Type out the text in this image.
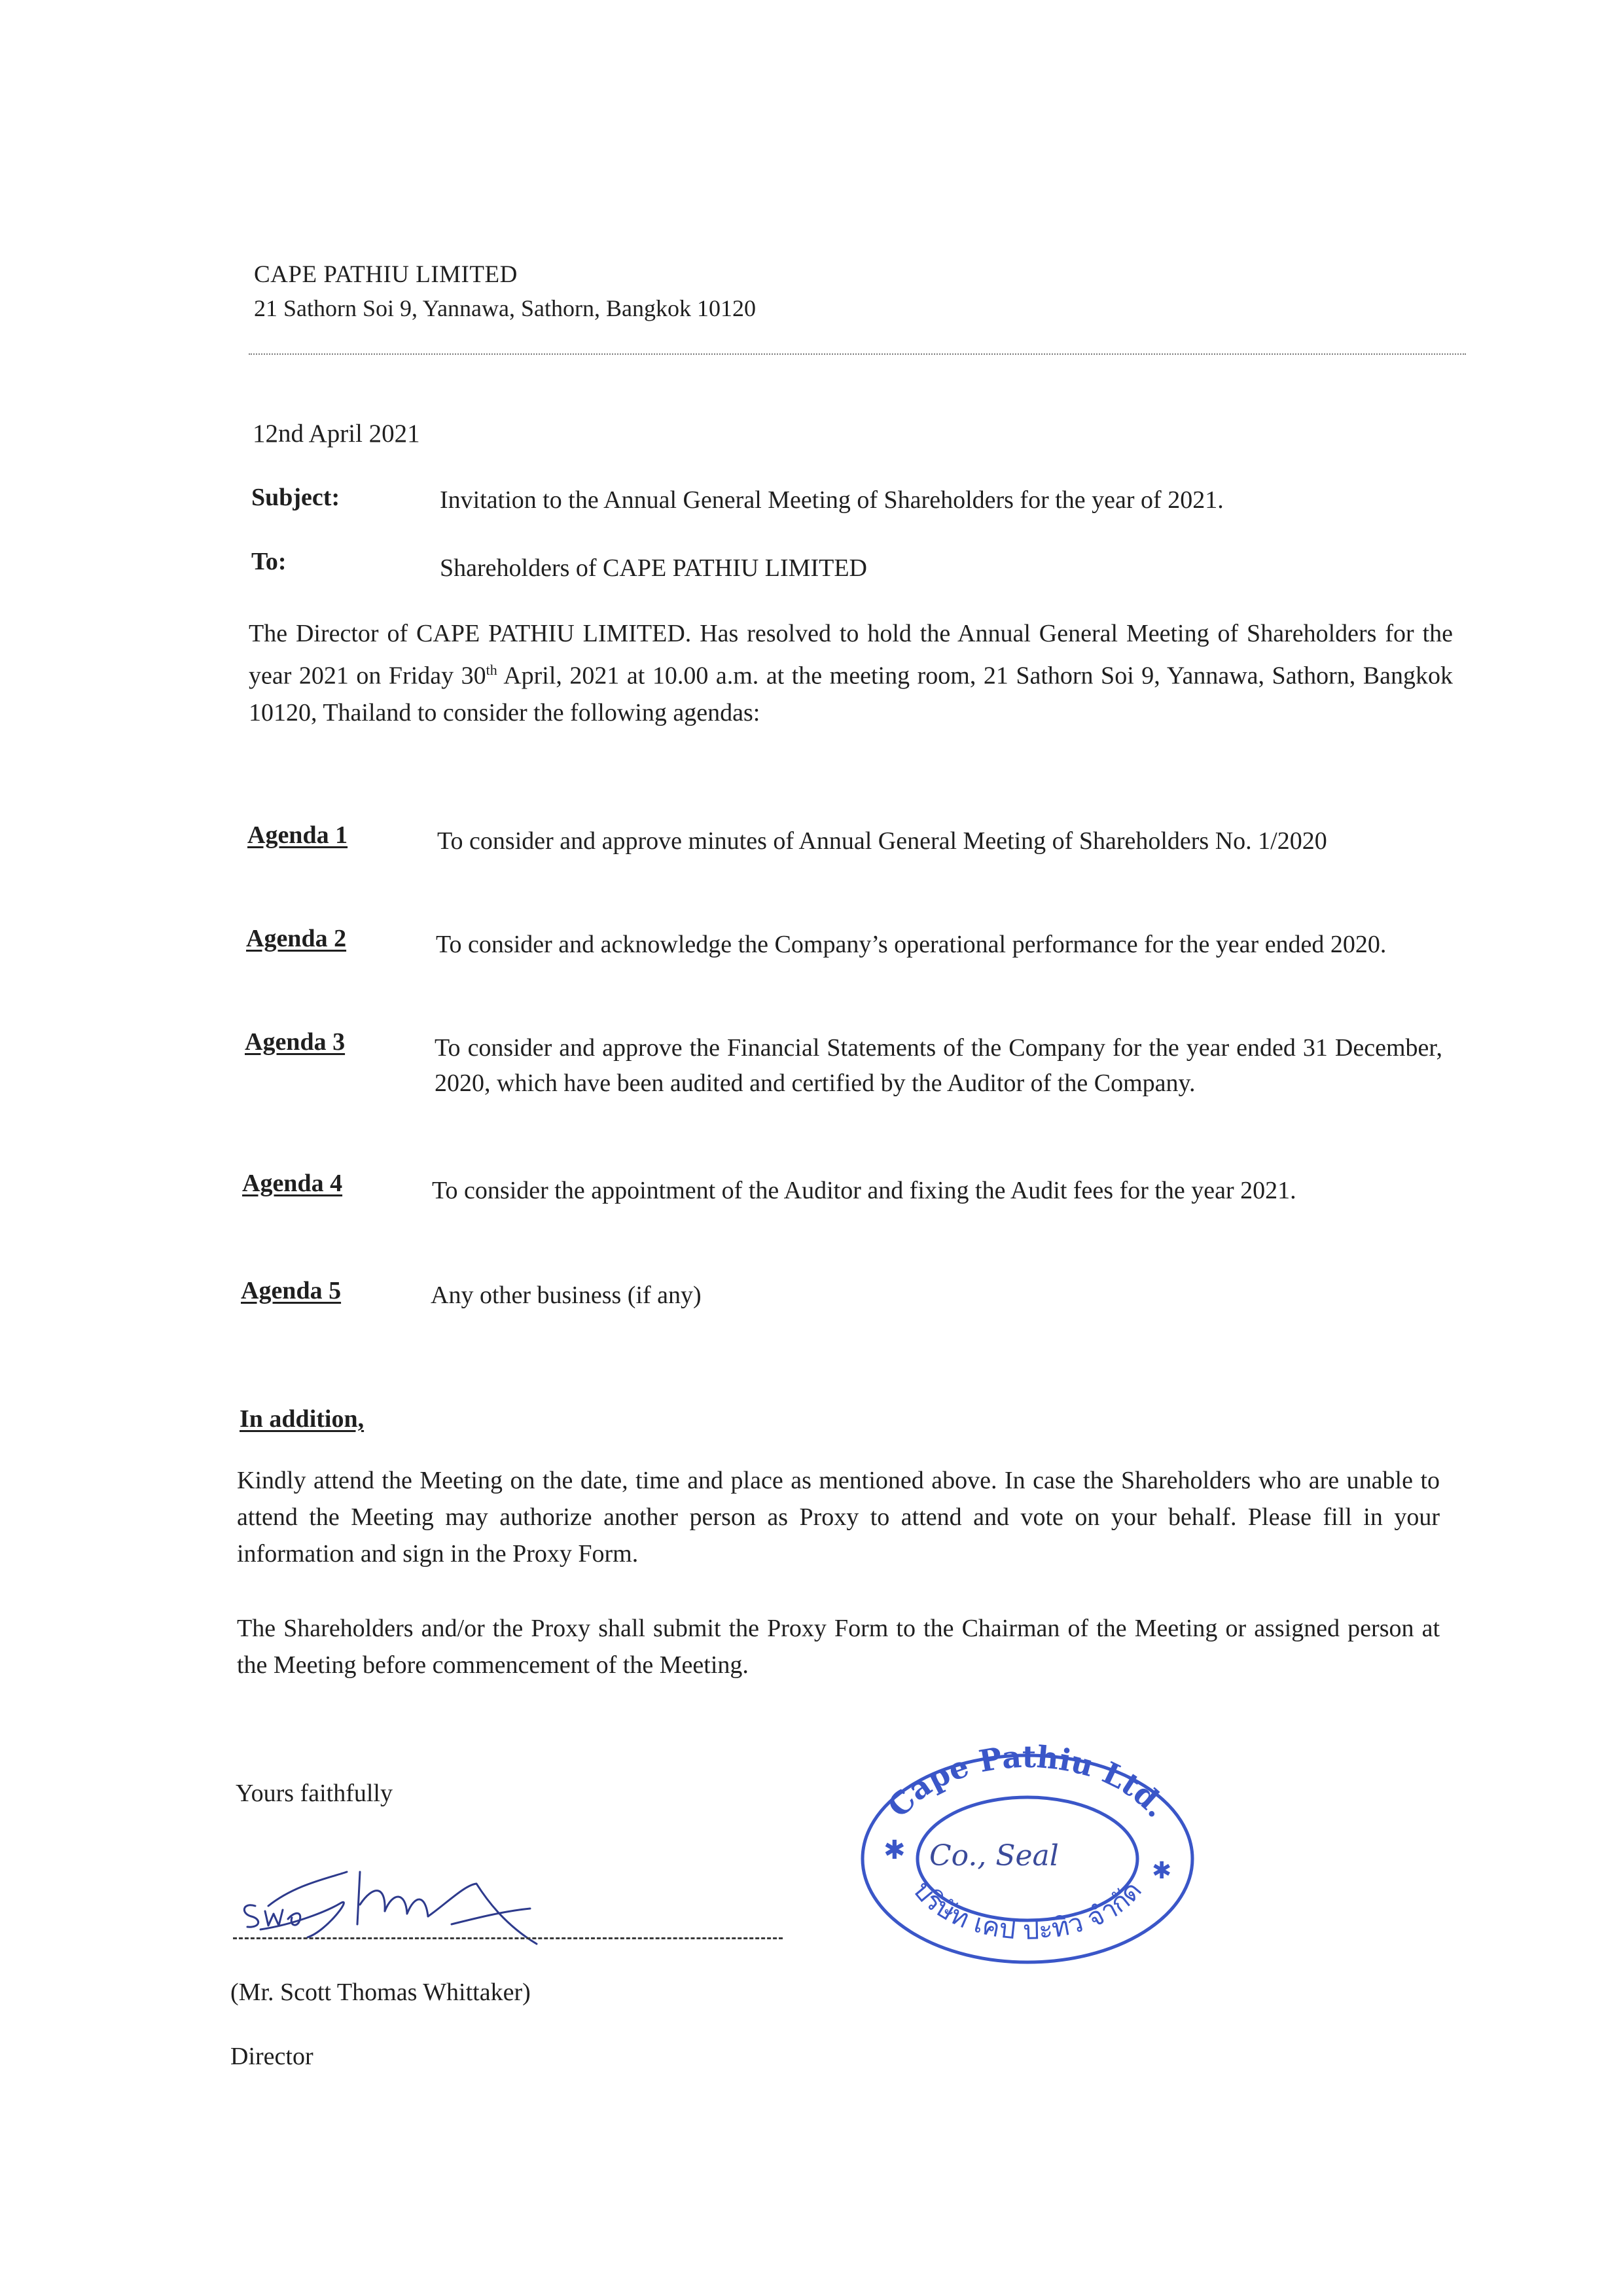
CAPE PATHIU LIMITED
21 Sathorn Soi 9, Yannawa, Sathorn, Bangkok 10120
12nd April 2021
Subject:	Invitation to the Annual General Meeting of Shareholders for the year of 2021.
To:	Shareholders of CAPE PATHIU LIMITED
The Director of CAPE PATHIU LIMITED. Has resolved to hold the Annual General Meeting of Shareholders for the year 2021 on Friday 30th April, 2021 at 10.00 a.m. at the meeting room, 21 Sathorn Soi 9, Yannawa, Sathorn, Bangkok 10120, Thailand to consider the following agendas:
Agenda 1	To consider and approve minutes of Annual General Meeting of Shareholders No. 1/2020
Agenda 2	To consider and acknowledge the Company’s operational performance for the year ended 2020.
Agenda 3	To consider and approve the Financial Statements of the Company for the year ended 31 December, 2020, which have been audited and certified by the Auditor of the Company.
Agenda 4	To consider the appointment of the Auditor and fixing the Audit fees for the year 2021.
Agenda 5	Any other business (if any)
In addition,
Kindly attend the Meeting on the date, time and place as mentioned above. In case the Shareholders who are unable to attend the Meeting may authorize another person as Proxy to attend and vote on your behalf. Please fill in your information and sign in the Proxy Form.
The Shareholders and/or the Proxy shall submit the Proxy Form to the Chairman of the Meeting or assigned person at the Meeting before commencement of the Meeting.
Yours faithfully
(Mr. Scott Thomas Whittaker)
Director
Cape Pathiu Ltd.
บริษัท เคป ปะทิว จำกัด
✱
✱
Co., Seal
